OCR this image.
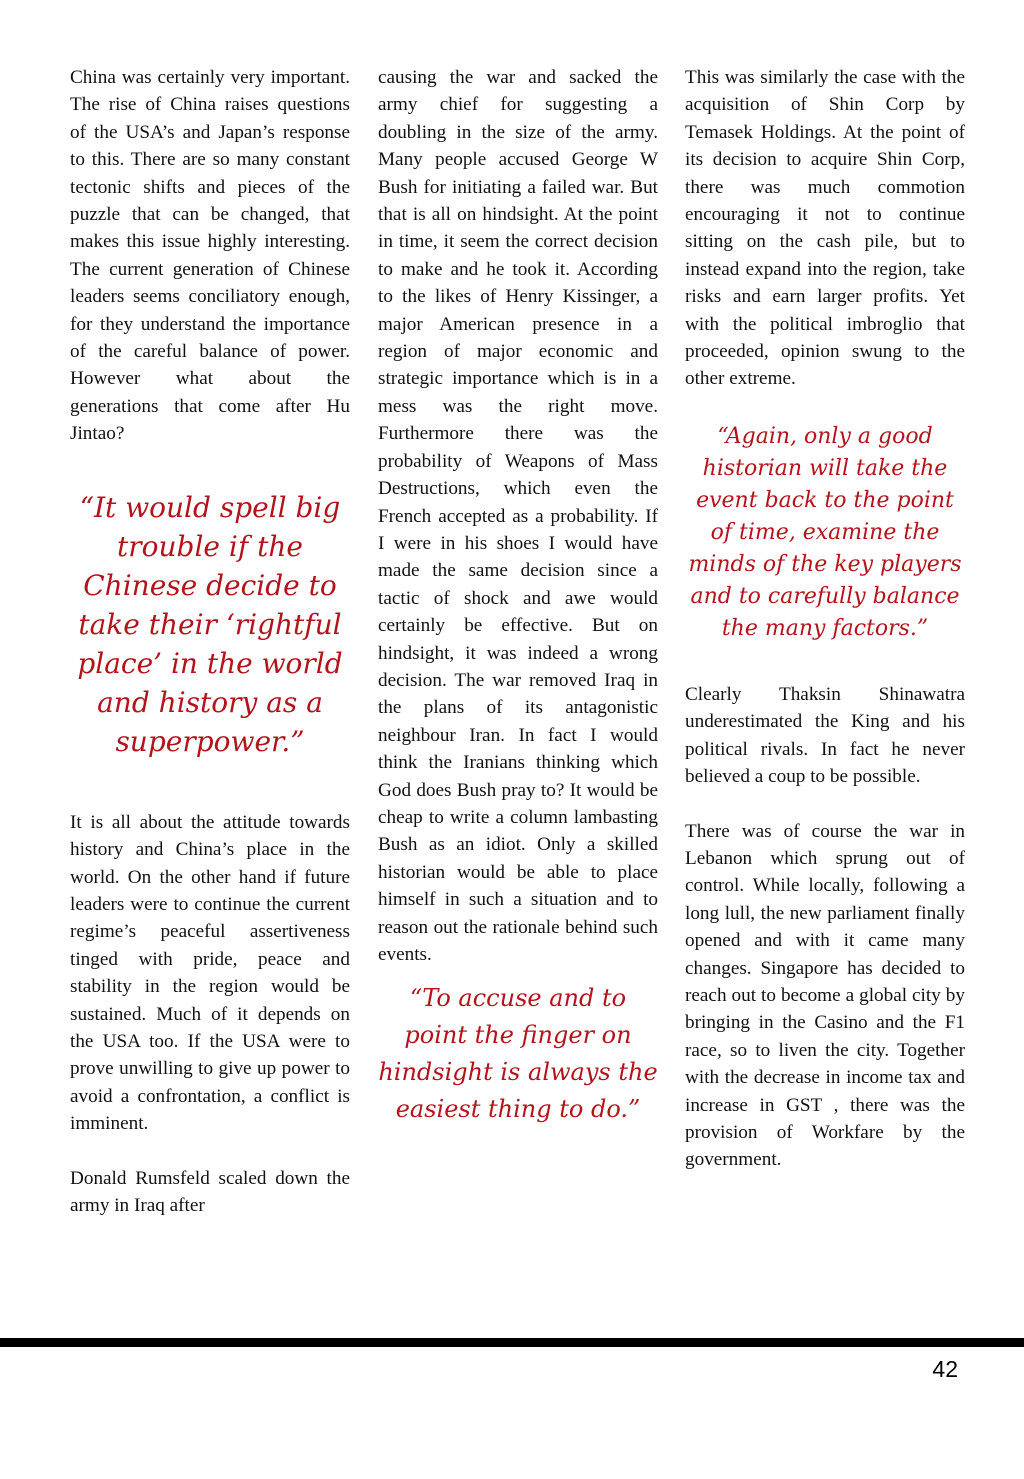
China was certainly very important. The rise of China raises questions of the USA’s and Japan’s response to this. There are so many constant tectonic shifts and pieces of the puzzle that can be changed, that makes this issue highly interesting. The current generation of Chinese leaders seems conciliatory enough, for they understand the importance of the careful balance of power. However what about the generations that come after Hu Jintao?

“It would spell big trouble if the Chinese decide to take their ‘rightful place’ in the world and history as a superpower.”

It is all about the attitude towards history and China’s place in the world. On the other hand if future leaders were to continue the current regime’s peaceful assertiveness tinged with pride, peace and stability in the region would be sustained. Much of it depends on the USA too. If the USA were to prove unwilling to give up power to avoid a confrontation, a conflict is imminent.

Donald Rumsfeld scaled down the army in Iraq after

causing the war and sacked the army chief for suggesting a doubling in the size of the army. Many people accused George W Bush for initiating a failed war. But that is all on hindsight. At the point in time, it seem the correct decision to make and he took it. According to the likes of Henry Kissinger, a major American presence in a region of major economic and strategic importance which is in a mess was the right move. Furthermore there was the probability of Weapons of Mass Destructions, which even the French accepted as a probability. If I were in his shoes I would have made the same decision since a tactic of shock and awe would certainly be effective. But on hindsight, it was indeed a wrong decision. The war removed Iraq in the plans of its antagonistic neighbour Iran. In fact I would think the Iranians thinking which God does Bush pray to? It would be cheap to write a column lambasting Bush as an idiot. Only a skilled historian would be able to place himself in such a situation and to reason out the rationale behind such events.

“To accuse and to point the finger on hindsight is always the easiest thing to do.”

This was similarly the case with the acquisition of Shin Corp by Temasek Holdings. At the point of its decision to acquire Shin Corp, there was much commotion encouraging it not to continue sitting on the cash pile, but to instead expand into the region, take risks and earn larger profits. Yet with the political imbroglio that proceeded, opinion swung to the other extreme.

“Again, only a good historian will take the event back to the point of time, examine the minds of the key players and to carefully balance the many factors.”

Clearly Thaksin Shinawatra underestimated the King and his political rivals. In fact he never believed a coup to be possible.

There was of course the war in Lebanon which sprung out of control. While locally, following a long lull, the new parliament finally opened and with it came many changes. Singapore has decided to reach out to become a global city by bringing in the Casino and the F1 race, so to liven the city. Together with the decrease in income tax and increase in GST , there was the provision of Workfare by the government.

42
